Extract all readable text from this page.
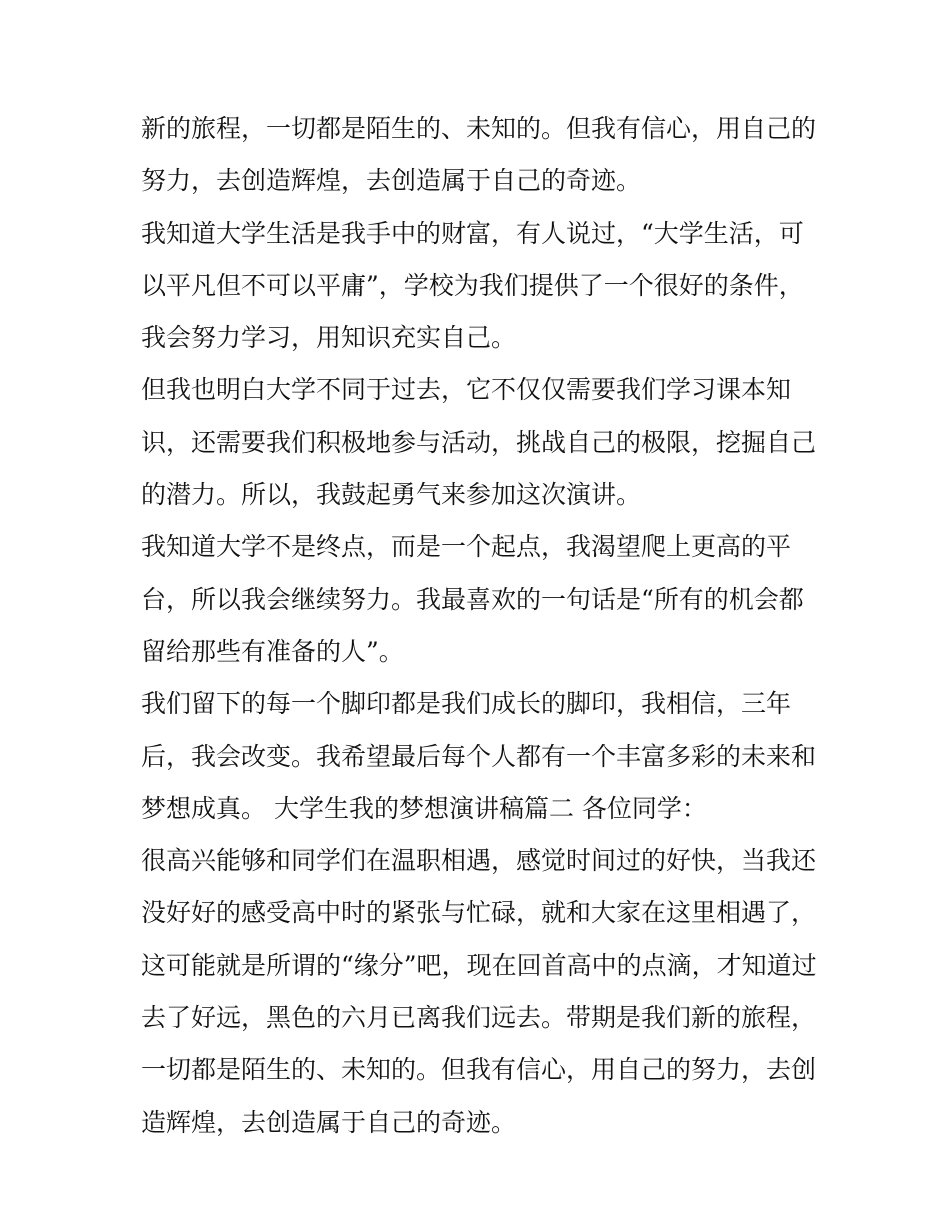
新的旅程，一切都是陌生的、未知的。但我有信心，用自己的
努力，去创造辉煌，去创造属于自己的奇迹。

我知道大学生活是我手中的财富，有人说过，“大学生活，可
以平凡但不可以平庸”，学校为我们提供了一个很好的条件，
我会努力学习，用知识充实自己。

但我也明白大学不同于过去，它不仅仅需要我们学习课本知
识，还需要我们积极地参与活动，挑战自己的极限，挖掘自己
的潜力。所以，我鼓起勇气来参加这次演讲。

我知道大学不是终点，而是一个起点，我渴望爬上更高的平
台，所以我会继续努力。我最喜欢的一句话是“所有的机会都
留给那些有准备的人”。

我们留下的每一个脚印都是我们成长的脚印，我相信，三年
后，我会改变。我希望最后每个人都有一个丰富多彩的未来和
梦想成真。 大学生我的梦想演讲稿篇二 各位同学：

很高兴能够和同学们在温职相遇，感觉时间过的好快，当我还
没好好的感受高中时的紧张与忙碌，就和大家在这里相遇了，
这可能就是所谓的“缘分”吧，现在回首高中的点滴，才知道过
去了好远，黑色的六月已离我们远去。带期是我们新的旅程，
一切都是陌生的、未知的。但我有信心，用自己的努力，去创
造辉煌，去创造属于自己的奇迹。
